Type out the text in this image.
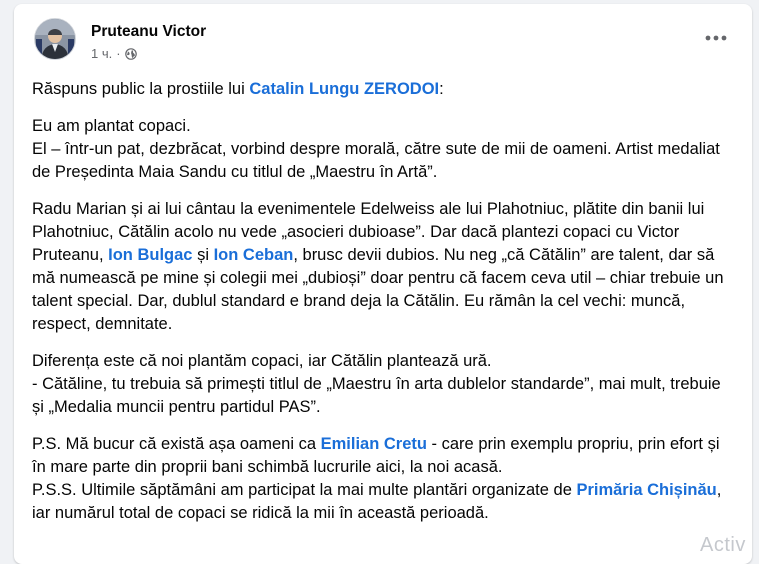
Pruteanu Victor
1 ч. ·

Răspuns public la prostiile lui Catalin Lungu ZERODOI:

Eu am plantat copaci.
El – într-un pat, dezbrăcat, vorbind despre morală, către sute de mii de oameni. Artist medaliat de Președinta Maia Sandu cu titlul de „Maestru în Artă”.

Radu Marian și ai lui cântau la evenimentele Edelweiss ale lui Plahotniuc, plătite din banii lui Plahotniuc, Cătălin acolo nu vede „asocieri dubioase”. Dar dacă plantezi copaci cu Victor Pruteanu, Ion Bulgac și Ion Ceban, brusc devii dubios. Nu neg „că Cătălin” are talent, dar să mă numească pe mine și colegii mei „dubioși” doar pentru că facem ceva util – chiar trebuie un talent special. Dar, dublul standard e brand deja la Cătălin. Eu rămân la cel vechi: muncă, respect, demnitate.

Diferența este că noi plantăm copaci, iar Cătălin plantează ură.
- Cătăline, tu trebuia să primești titlul de „Maestru în arta dublelor standarde”, mai mult, trebuie și „Medalia muncii pentru partidul PAS”.

P.S. Mă bucur că există așa oameni ca Emilian Cretu - care prin exemplu propriu, prin efort și în mare parte din proprii bani schimbă lucrurile aici, la noi acasă.
P.S.S. Ultimile săptămâni am participat la mai multe plantări organizate de Primăria Chișinău, iar numărul total de copaci se ridică la mii în această perioadă.

Activ
